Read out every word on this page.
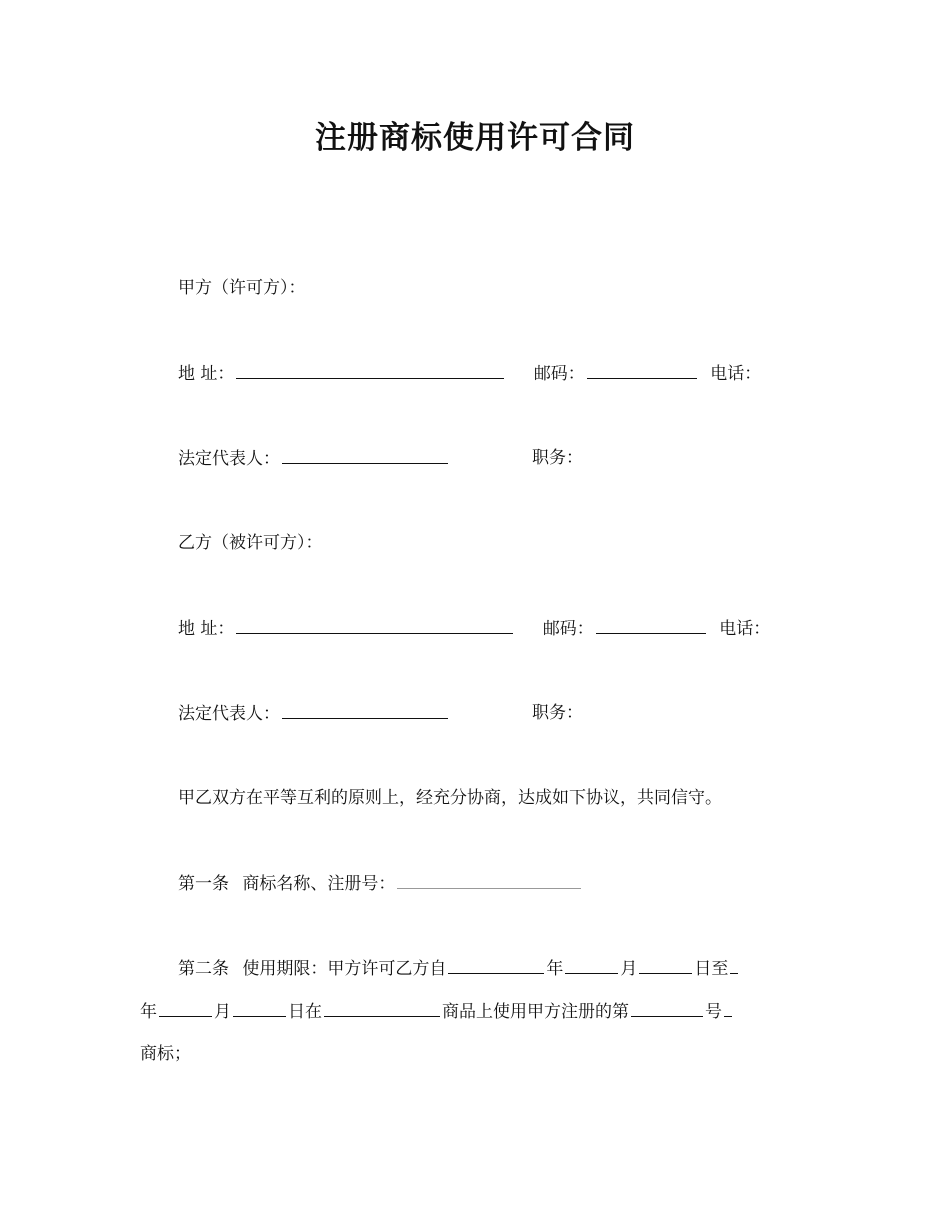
注册商标使用许可合同
甲方（许可方）：
地 址：	邮码：	电话：
法定代表人：	职务：
乙方（被许可方）：
地 址：	邮码：	电话：
法定代表人：	职务：
甲乙双方在平等互利的原则上，经充分协商，达成如下协议，共同信守。
第一条 商标名称、注册号：
第二条 使用期限：甲方许可乙方自	年	月	日至
年	月	日在	商品上使用甲方注册的第	号
商标；
